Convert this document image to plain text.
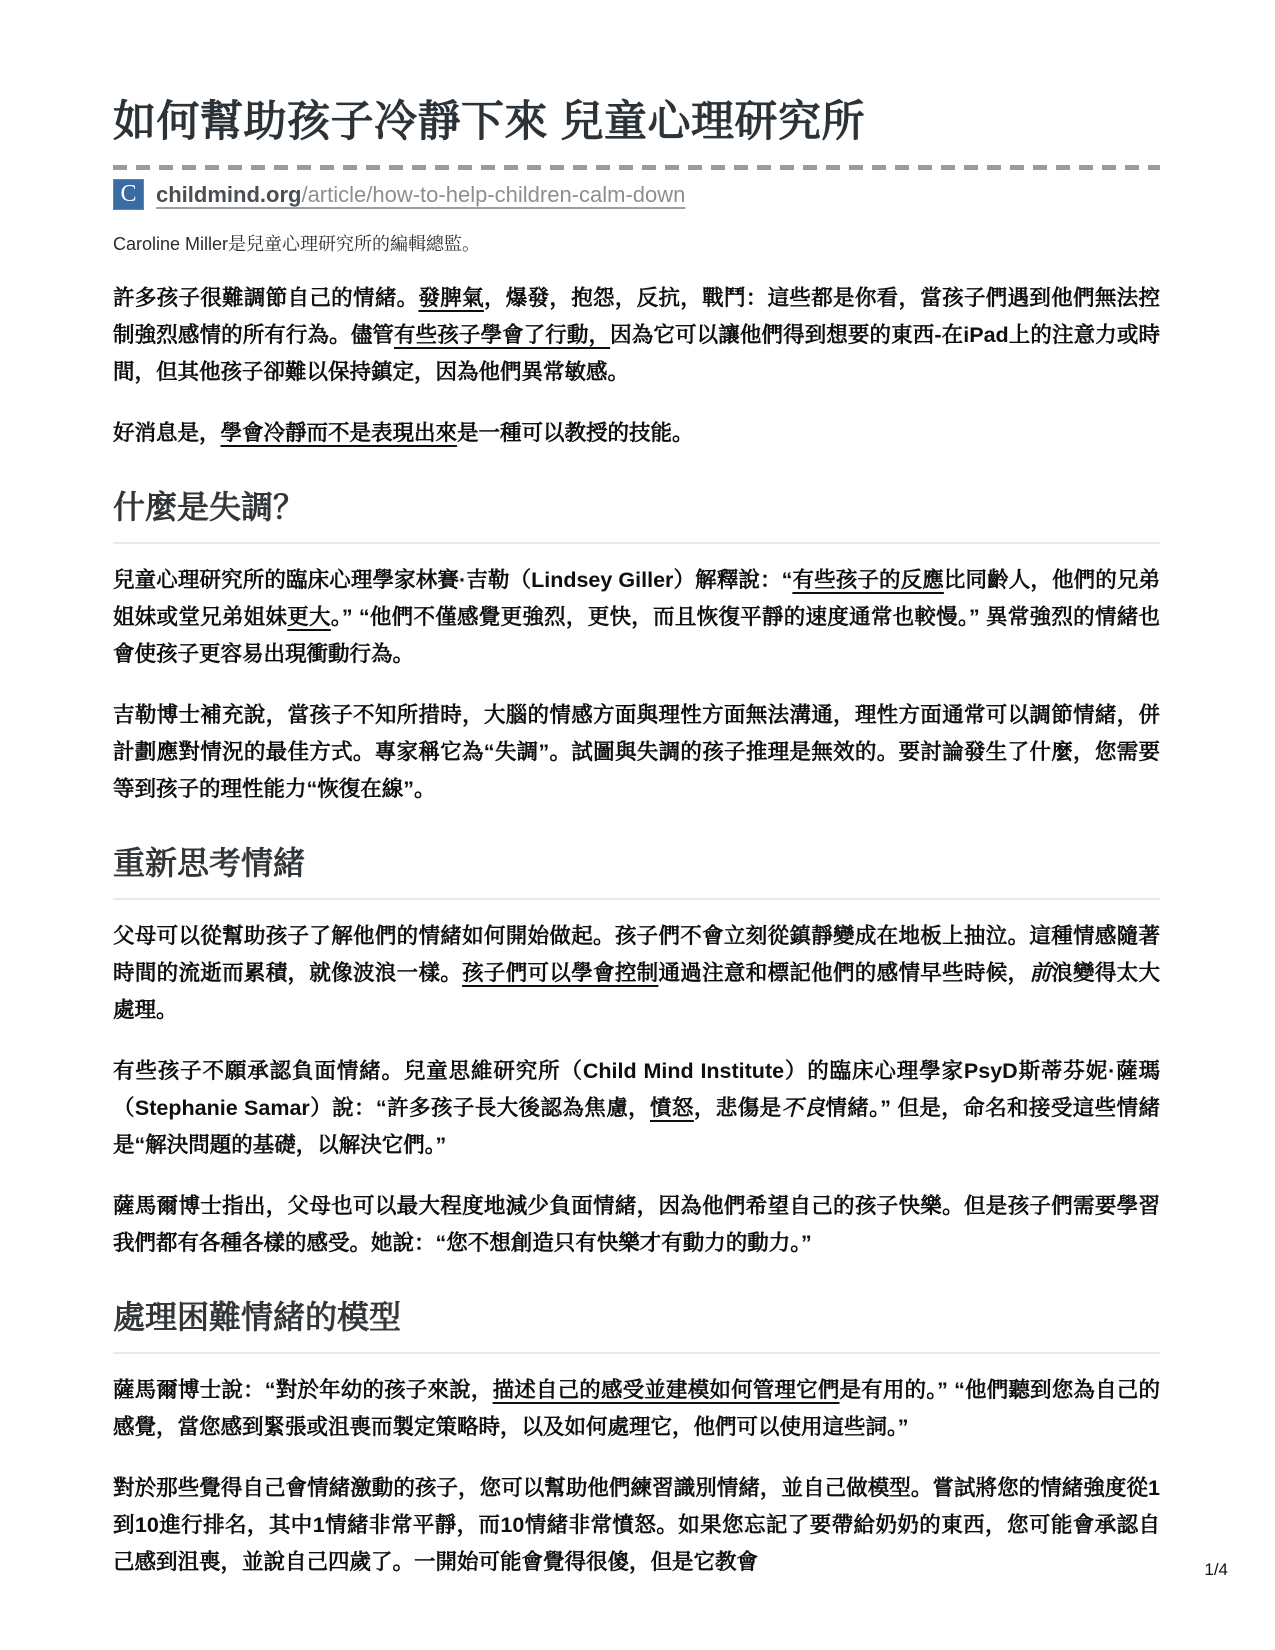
如何幫助孩子冷靜下來 兒童心理研究所
C childmind.org/article/how-to-help-children-calm-down

Caroline Miller是兒童心理研究所的編輯總監。

許多孩子很難調節自己的情緒。發脾氣，爆發，抱怨，反抗，戰鬥：這些都是你看，當孩子們遇到他們無法控制強烈感情的所有行為。儘管有些孩子學會了行動，因為它可以讓他們得到想要的東西-在iPad上的注意力或時間，但其他孩子卻難以保持鎮定，因為他們異常敏感。

好消息是，學會冷靜而不是表現出來是一種可以教授的技能。

什麼是失調？

兒童心理研究所的臨床心理學家林賽·吉勒（Lindsey Giller）解釋說：“有些孩子的反應比同齡人，他們的兄弟姐妹或堂兄弟姐妹更大。” “他們不僅感覺更強烈，更快，而且恢復平靜的速度通常也較慢。” 異常強烈的情緒也會使孩子更容易出現衝動行為。

吉勒博士補充說，當孩子不知所措時，大腦的情感方面與理性方面無法溝通，理性方面通常可以調節情緒，併計劃應對情況的最佳方式。專家稱它為“失調”。試圖與失調的孩子推理是無效的。要討論發生了什麼，您需要等到孩子的理性能力“恢復在線”。

重新思考情緒

父母可以從幫助孩子了解他們的情緒如何開始做起。孩子們不會立刻從鎮靜變成在地板上抽泣。這種情感隨著時間的流逝而累積，就像波浪一樣。孩子們可以學會控制通過注意和標記他們的感情早些時候，前浪變得太大處理。

有些孩子不願承認負面情緒。兒童思維研究所（Child Mind Institute）的臨床心理學家PsyD斯蒂芬妮·薩瑪（Stephanie Samar）說：“許多孩子長大後認為焦慮，憤怒，悲傷是不良情緒。” 但是，命名和接受這些情緒是“解決問題的基礎，以解決它們。”

薩馬爾博士指出，父母也可以最大程度地減少負面情緒，因為他們希望自己的孩子快樂。但是孩子們需要學習我們都有各種各樣的感受。她說：“您不想創造只有快樂才有動力的動力。”

處理困難情緒的模型

薩馬爾博士說：“對於年幼的孩子來說，描述自己的感受並建模如何管理它們是有用的。” “他們聽到您為自己的感覺，當您感到緊張或沮喪而製定策略時，以及如何處理它，他們可以使用這些詞。”

對於那些覺得自己會情緒激動的孩子，您可以幫助他們練習識別情緒，並自己做模型。嘗試將您的情緒強度從1到10進行排名，其中1情緒非常平靜，而10情緒非常憤怒。如果您忘記了要帶給奶奶的東西，您可能會承認自己感到沮喪，並說自己四歲了。一開始可能會覺得很傻，但是它教會	1/4
